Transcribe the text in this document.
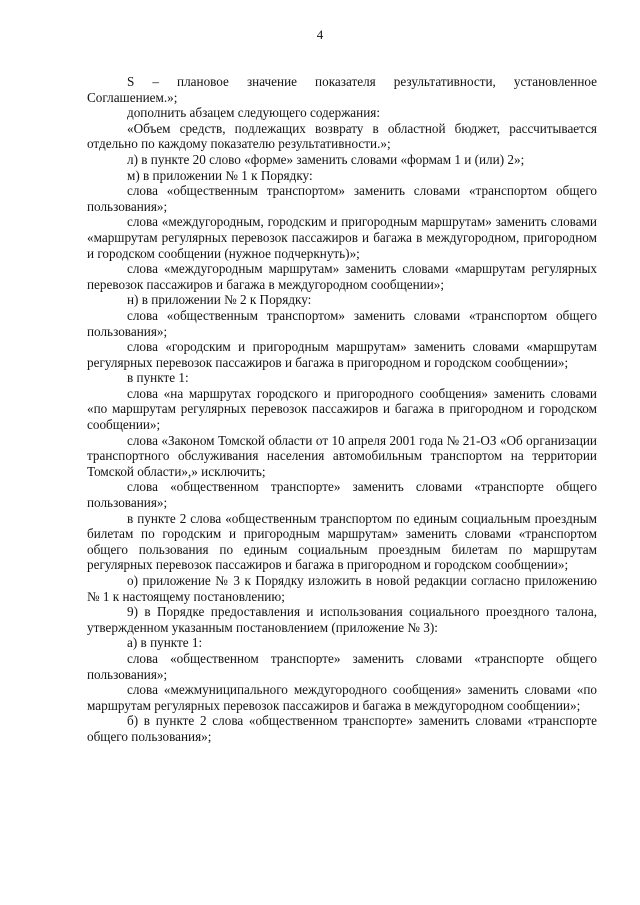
4

S – плановое значение показателя результативности, установленное Соглашением.»;

дополнить абзацем следующего содержания:

«Объем средств, подлежащих возврату в областной бюджет, рассчитывается отдельно по каждому показателю результативности.»;

л) в пункте 20 слово «форме» заменить словами «формам 1 и (или) 2»;

м) в приложении № 1 к Порядку:

слова «общественным транспортом» заменить словами «транспортом общего пользования»;

слова «междугородным, городским и пригородным маршрутам» заменить словами «маршрутам регулярных перевозок пассажиров и багажа в междугородном, пригородном и городском сообщении (нужное подчеркнуть)»;

слова «междугородным маршрутам» заменить словами «маршрутам регулярных перевозок пассажиров и багажа в междугородном сообщении»;

н) в приложении № 2 к Порядку:

слова «общественным транспортом» заменить словами «транспортом общего пользования»;

слова «городским и пригородным маршрутам» заменить словами «маршрутам регулярных перевозок пассажиров и багажа в пригородном и городском сообщении»;

в пункте 1:

слова «на маршрутах городского и пригородного сообщения» заменить словами «по маршрутам регулярных перевозок пассажиров и багажа в пригородном и городском сообщении»;

слова «Законом Томской области от 10 апреля 2001 года № 21-ОЗ «Об организации транспортного обслуживания населения автомобильным транспортом на территории Томской области»,» исключить;

слова «общественном транспорте» заменить словами «транспорте общего пользования»;

в пункте 2 слова «общественным транспортом по единым социальным проездным билетам по городским и пригородным маршрутам» заменить словами «транспортом общего пользования по единым социальным проездным билетам по маршрутам регулярных перевозок пассажиров и багажа в пригородном и городском сообщении»;

о) приложение № 3 к Порядку изложить в новой редакции согласно приложению № 1 к настоящему постановлению;

9) в Порядке предоставления и использования социального проездного талона, утвержденном указанным постановлением (приложение № 3):

а) в пункте 1:

слова «общественном транспорте» заменить словами «транспорте общего пользования»;

слова «межмуниципального междугородного сообщения» заменить словами «по маршрутам регулярных перевозок пассажиров и багажа в междугородном сообщении»;

б) в пункте 2 слова «общественном транспорте» заменить словами «транспорте общего пользования»;
